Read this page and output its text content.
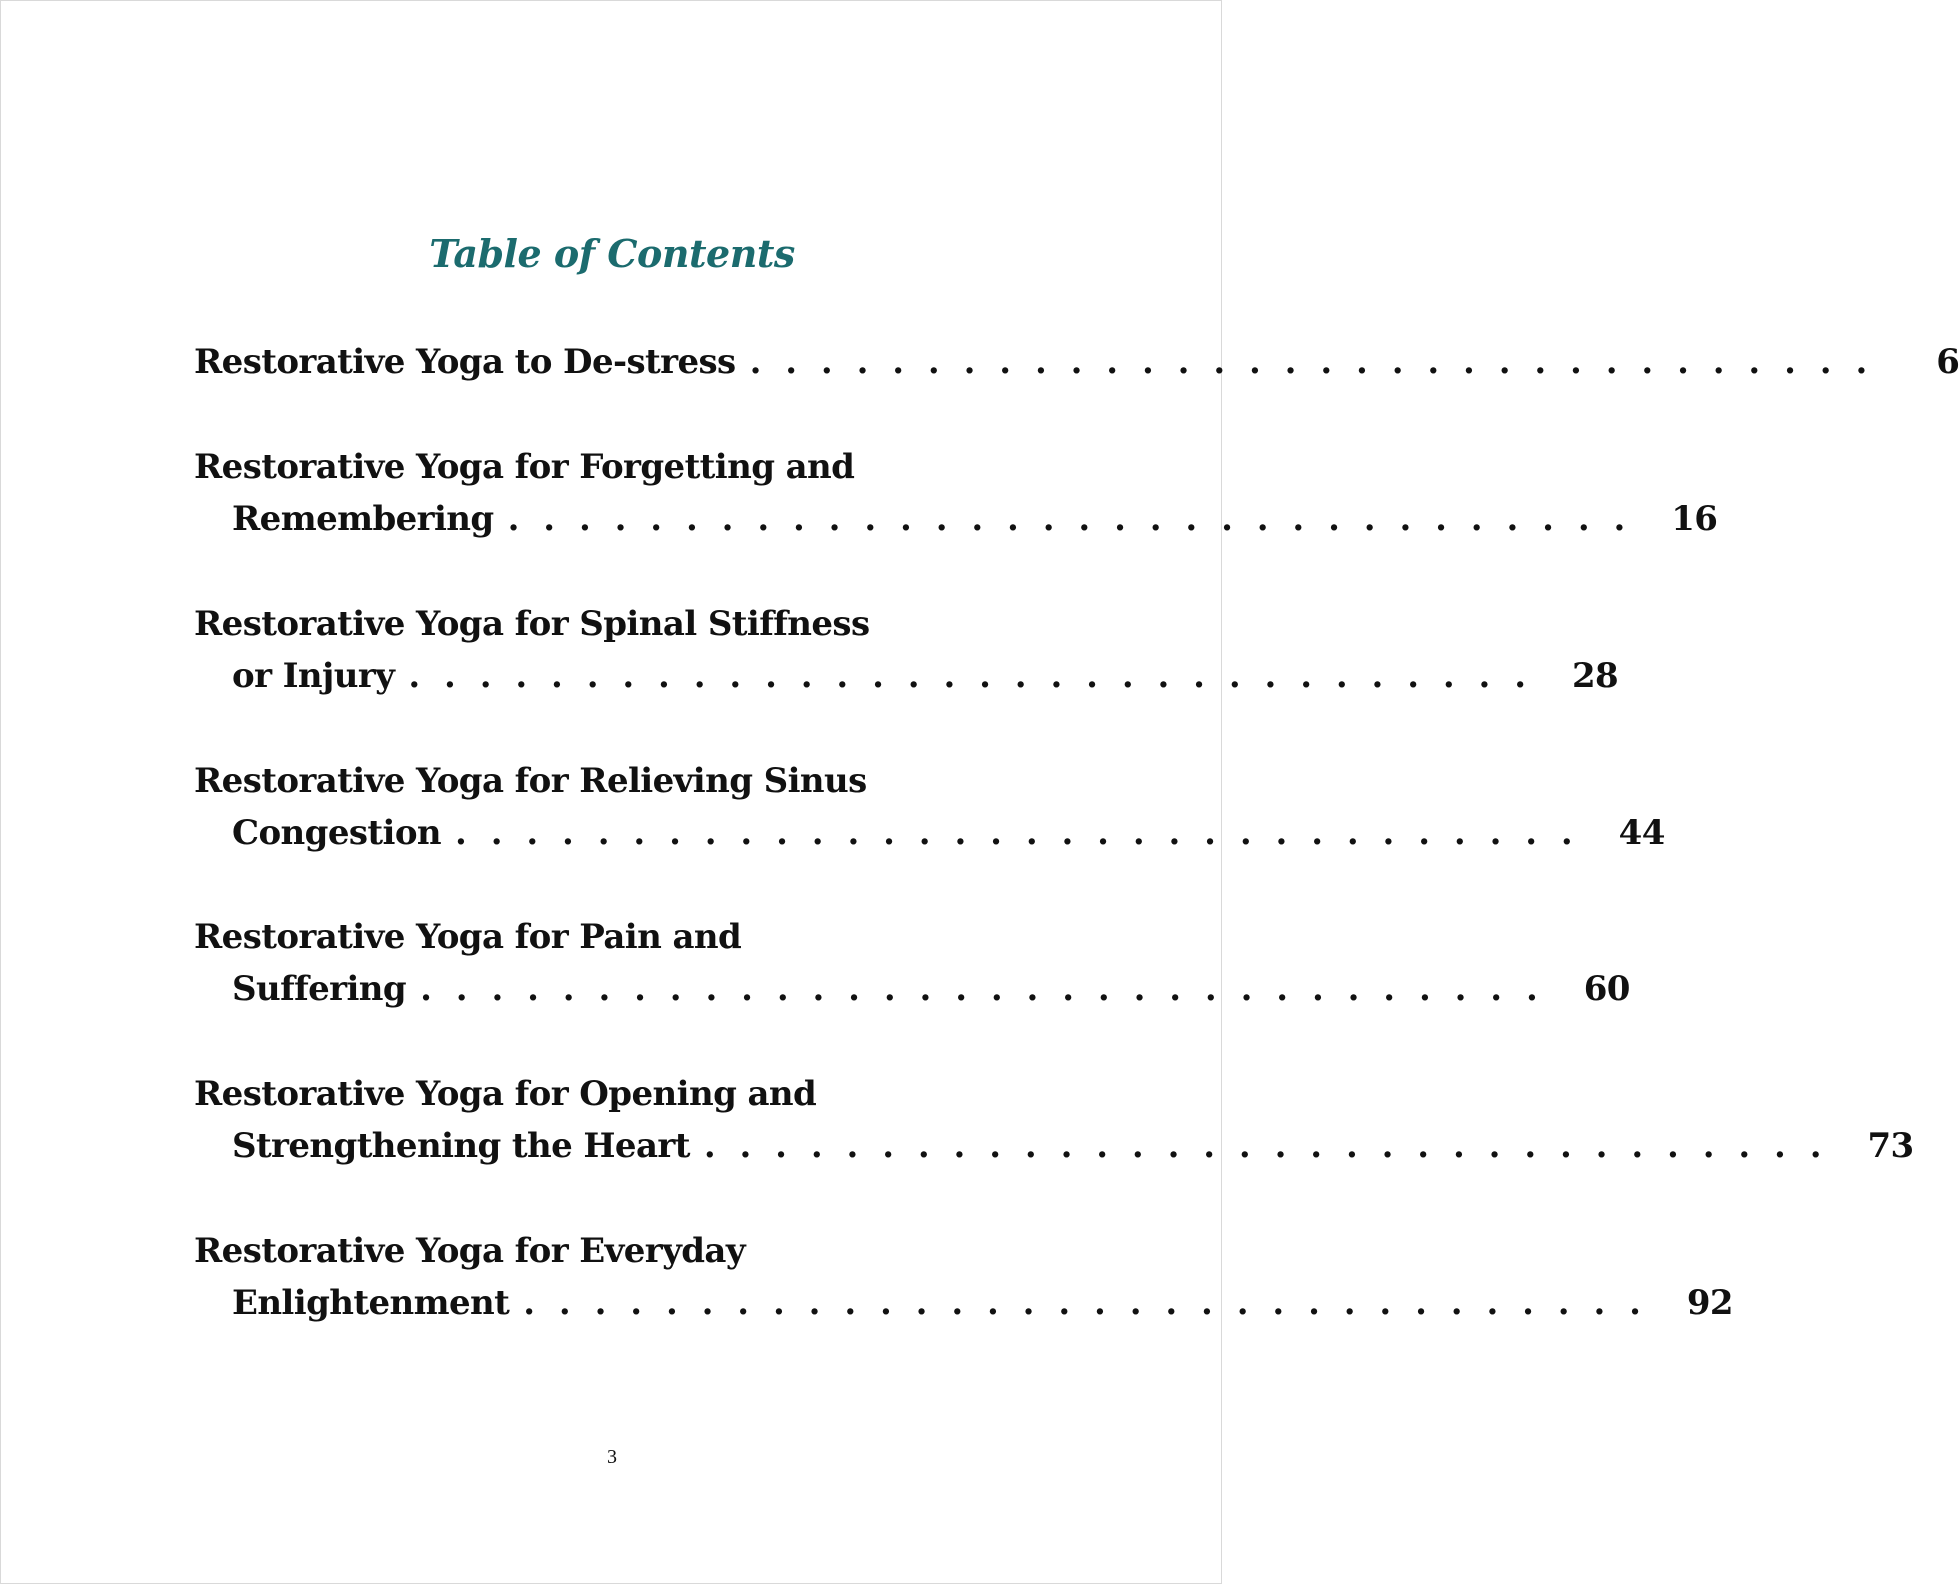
Table of Contents
Restorative Yoga to De-stress . . . . . . . . . . . . . . . . . . . . . . . . . . . . . . . .	6
Restorative Yoga for Forgetting and
Remembering . . . . . . . . . . . . . . . . . . . . . . . . . . . . . . . .	16
Restorative Yoga for Spinal Stiffness
or Injury . . . . . . . . . . . . . . . . . . . . . . . . . . . . . . . .	28
Restorative Yoga for Relieving Sinus
Congestion . . . . . . . . . . . . . . . . . . . . . . . . . . . . . . . .	44
Restorative Yoga for Pain and
Suffering . . . . . . . . . . . . . . . . . . . . . . . . . . . . . . . .	60
Restorative Yoga for Opening and
Strengthening the Heart . . . . . . . . . . . . . . . . . . . . . . . . . . . . . . . .	73
Restorative Yoga for Everyday
Enlightenment . . . . . . . . . . . . . . . . . . . . . . . . . . . . . . . .	92
3
